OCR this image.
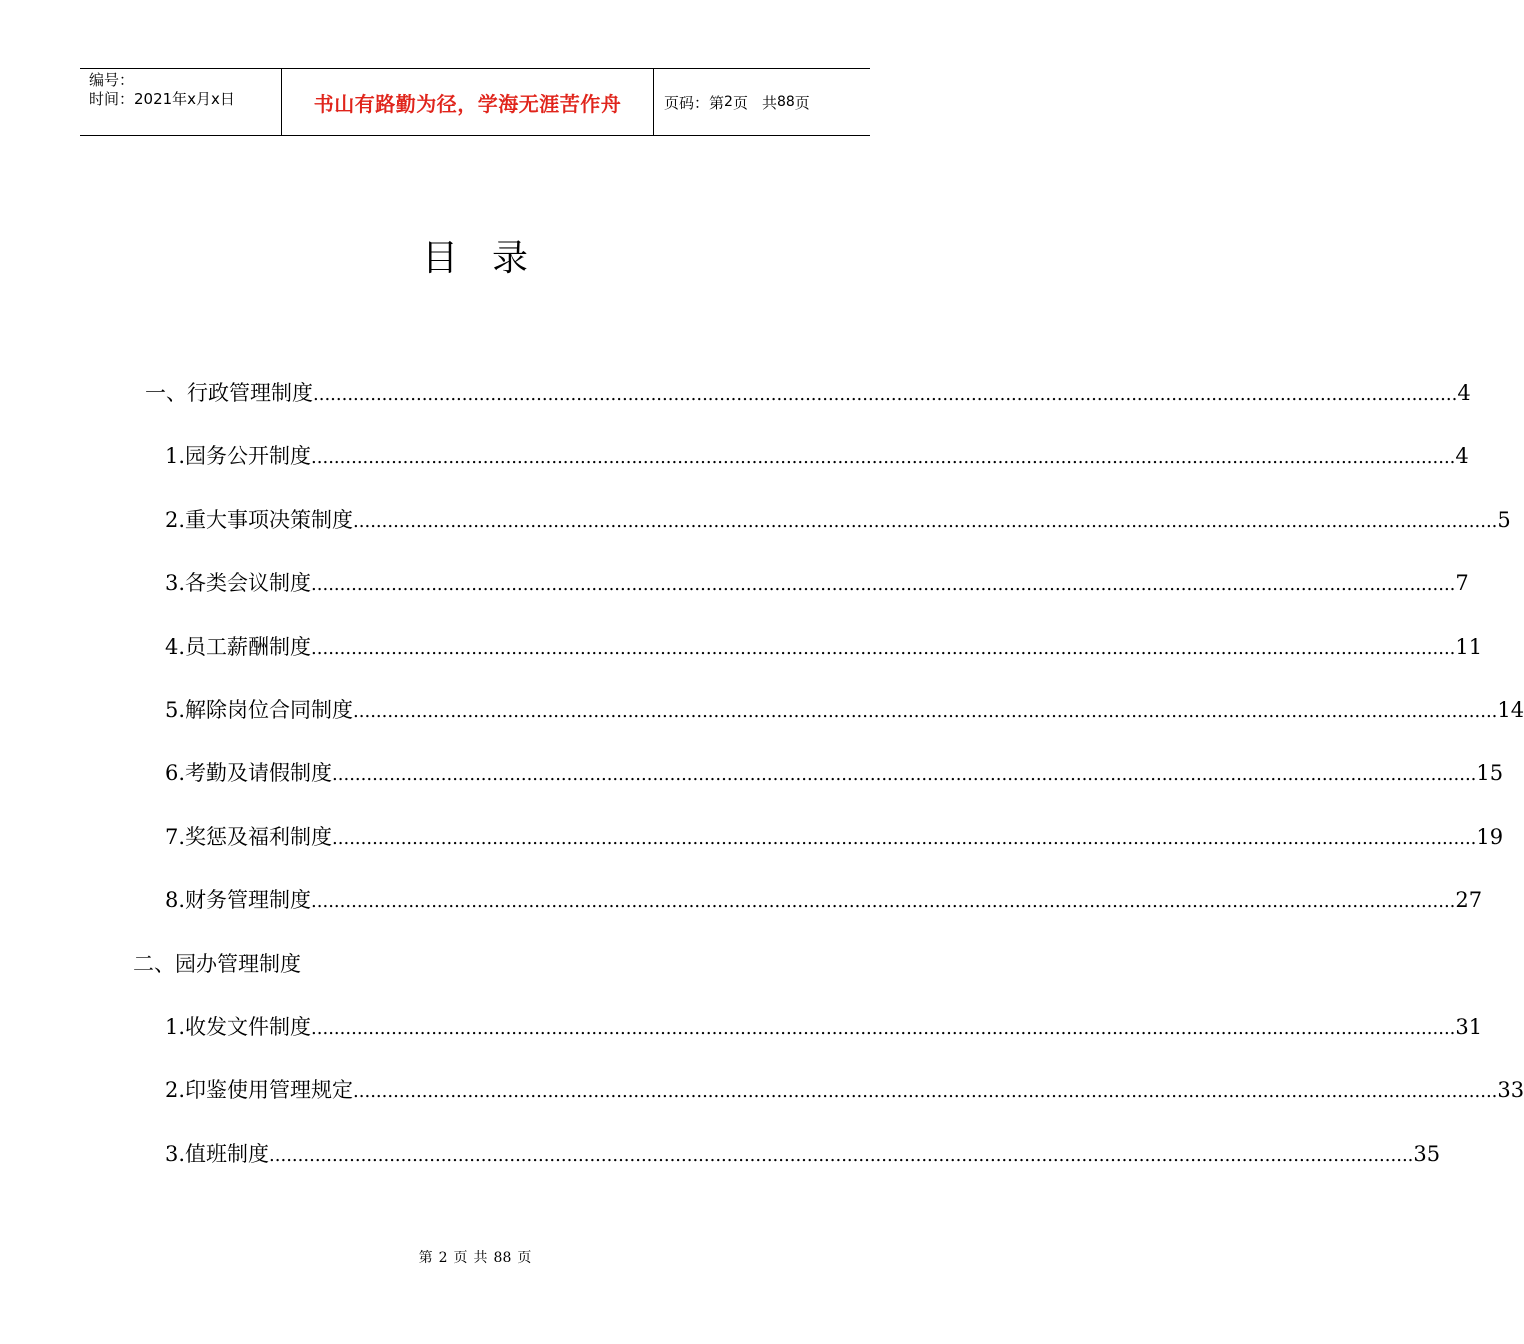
编号：
时间：2021年x月x日	书山有路勤为径，学海无涯苦作舟	页码：第 2 页 共 88 页
目 录
一、行政管理制度 ........................................................................................................................................................................................................ 4
1. 园务公开制度 ........................................................................................................................................................................................................ 4
2. 重大事项决策制度 ........................................................................................................................................................................................................ 5
3. 各类会议制度 ........................................................................................................................................................................................................ 7
4. 员工薪酬制度 ........................................................................................................................................................................................................ 11
5. 解除岗位合同制度 ........................................................................................................................................................................................................ 14
6. 考勤及请假制度 ........................................................................................................................................................................................................ 15
7. 奖惩及福利制度 ........................................................................................................................................................................................................ 19
8. 财务管理制度 ........................................................................................................................................................................................................ 27
二、园办管理制度
1. 收发文件制度 ........................................................................................................................................................................................................ 31
2. 印鉴使用管理规定 ........................................................................................................................................................................................................ 33
3. 值班制度 ........................................................................................................................................................................................................ 35
第 2 页 共 88 页
